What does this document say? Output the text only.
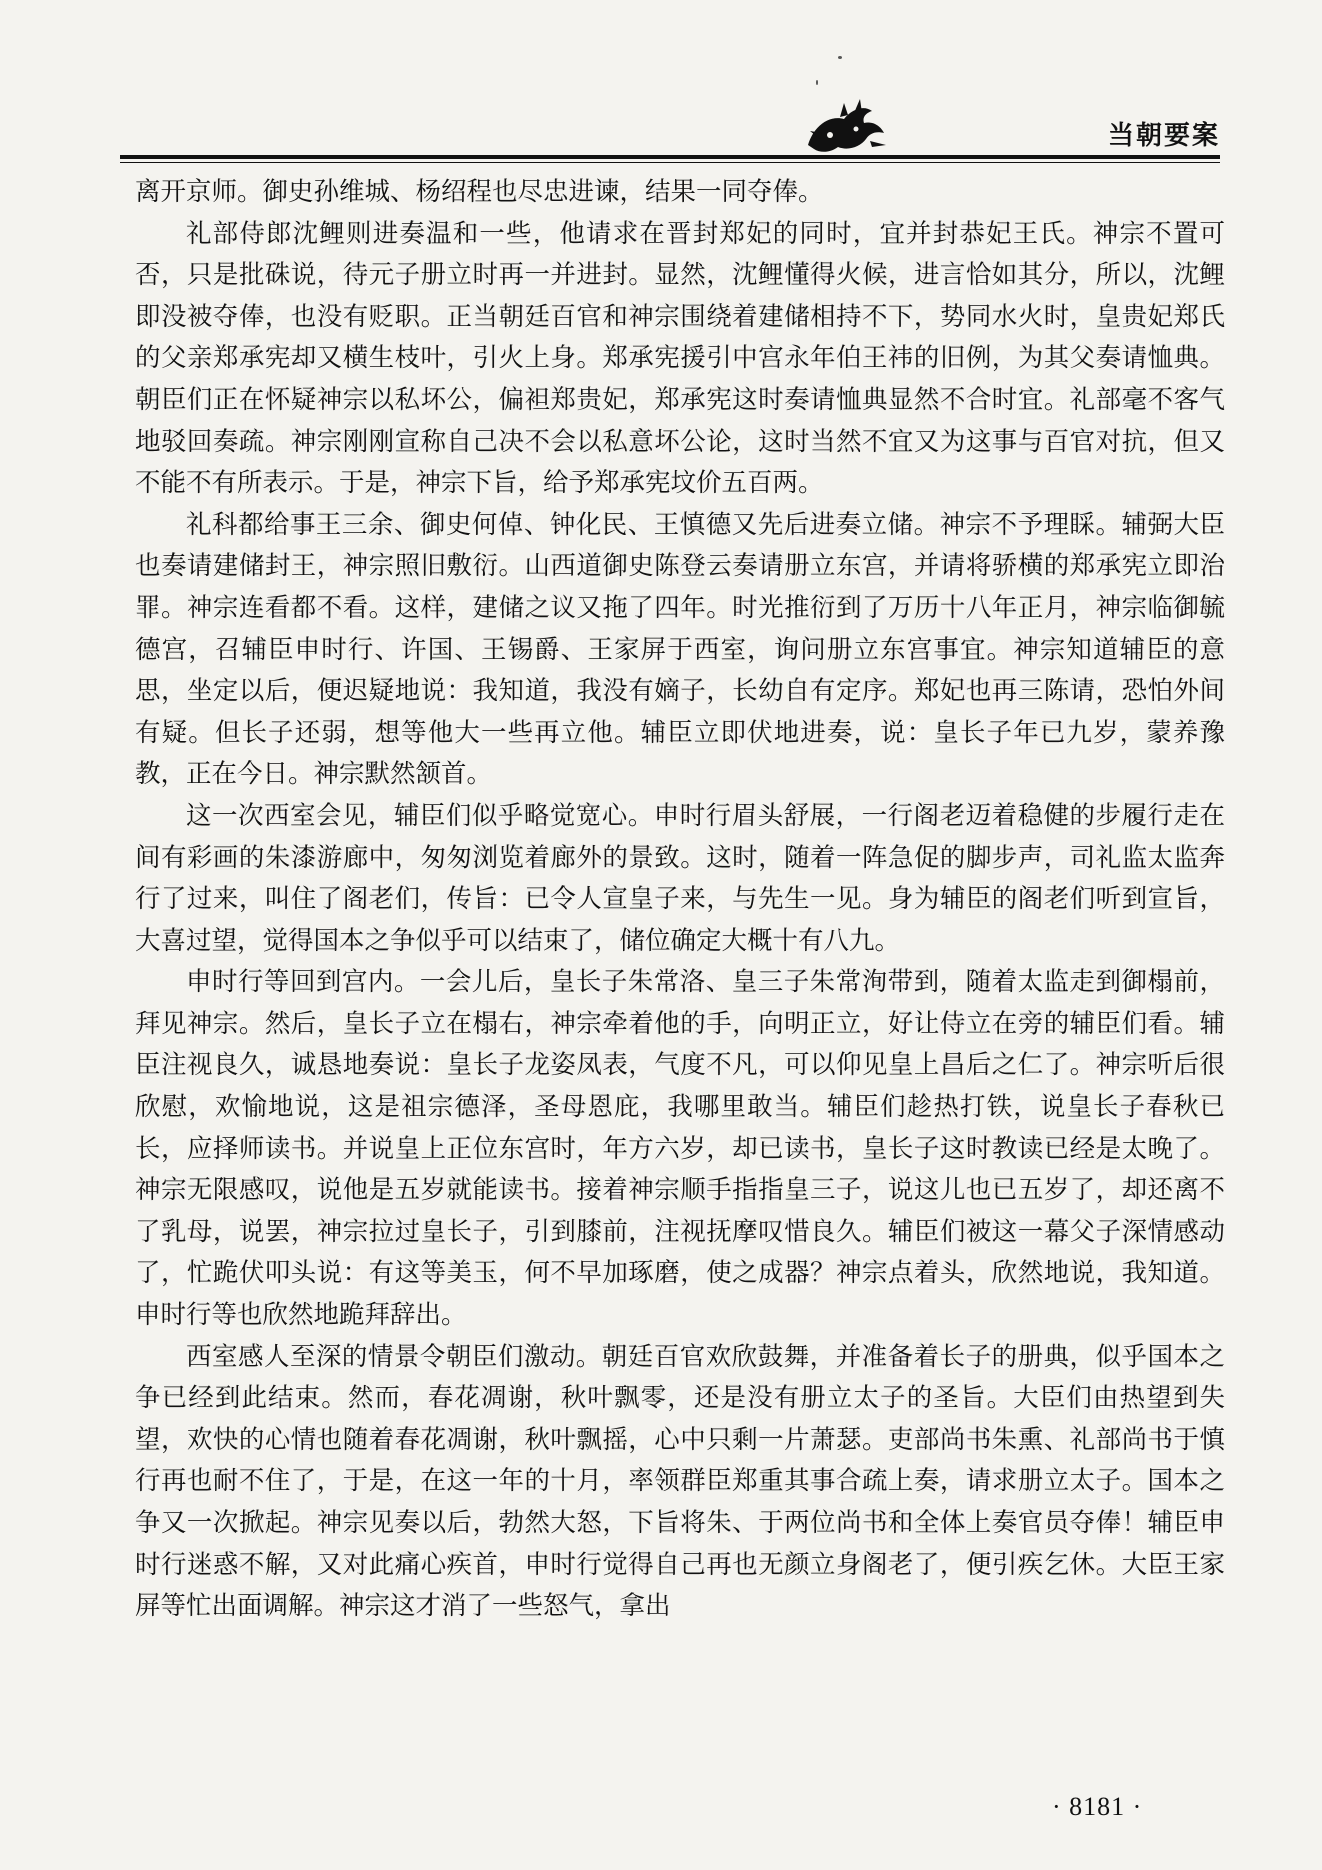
当朝要案

离开京师。御史孙维城、杨绍程也尽忠进谏，结果一同夺俸。

礼部侍郎沈鲤则进奏温和一些，他请求在晋封郑妃的同时，宜并封恭妃王氏。神宗不置可否，只是批硃说，待元子册立时再一并进封。显然，沈鲤懂得火候，进言恰如其分，所以，沈鲤即没被夺俸，也没有贬职。正当朝廷百官和神宗围绕着建储相持不下，势同水火时，皇贵妃郑氏的父亲郑承宪却又横生枝叶，引火上身。郑承宪援引中宫永年伯王祎的旧例，为其父奏请恤典。朝臣们正在怀疑神宗以私坏公，偏袒郑贵妃，郑承宪这时奏请恤典显然不合时宜。礼部毫不客气地驳回奏疏。神宗刚刚宣称自己决不会以私意坏公论，这时当然不宜又为这事与百官对抗，但又不能不有所表示。于是，神宗下旨，给予郑承宪坟价五百两。

礼科都给事王三余、御史何倬、钟化民、王慎德又先后进奏立储。神宗不予理睬。辅弼大臣也奏请建储封王，神宗照旧敷衍。山西道御史陈登云奏请册立东宫，并请将骄横的郑承宪立即治罪。神宗连看都不看。这样，建储之议又拖了四年。时光推衍到了万历十八年正月，神宗临御毓德宫，召辅臣申时行、许国、王锡爵、王家屏于西室，询问册立东宫事宜。神宗知道辅臣的意思，坐定以后，便迟疑地说：我知道，我没有嫡子，长幼自有定序。郑妃也再三陈请，恐怕外间有疑。但长子还弱，想等他大一些再立他。辅臣立即伏地进奏，说：皇长子年已九岁，蒙养豫教，正在今日。神宗默然颔首。

这一次西室会见，辅臣们似乎略觉宽心。申时行眉头舒展，一行阁老迈着稳健的步履行走在间有彩画的朱漆游廊中，匆匆浏览着廊外的景致。这时，随着一阵急促的脚步声，司礼监太监奔行了过来，叫住了阁老们，传旨：已令人宣皇子来，与先生一见。身为辅臣的阁老们听到宣旨，大喜过望，觉得国本之争似乎可以结束了，储位确定大概十有八九。

申时行等回到宫内。一会儿后，皇长子朱常洛、皇三子朱常洵带到，随着太监走到御榻前，拜见神宗。然后，皇长子立在榻右，神宗牵着他的手，向明正立，好让侍立在旁的辅臣们看。辅臣注视良久，诚恳地奏说：皇长子龙姿凤表，气度不凡，可以仰见皇上昌后之仁了。神宗听后很欣慰，欢愉地说，这是祖宗德泽，圣母恩庇，我哪里敢当。辅臣们趁热打铁，说皇长子春秋已长，应择师读书。并说皇上正位东宫时，年方六岁，却已读书，皇长子这时教读已经是太晚了。神宗无限感叹，说他是五岁就能读书。接着神宗顺手指指皇三子，说这儿也已五岁了，却还离不了乳母，说罢，神宗拉过皇长子，引到膝前，注视抚摩叹惜良久。辅臣们被这一幕父子深情感动了，忙跪伏叩头说：有这等美玉，何不早加琢磨，使之成器？神宗点着头，欣然地说，我知道。申时行等也欣然地跪拜辞出。

西室感人至深的情景令朝臣们激动。朝廷百官欢欣鼓舞，并准备着长子的册典，似乎国本之争已经到此结束。然而，春花凋谢，秋叶飘零，还是没有册立太子的圣旨。大臣们由热望到失望，欢快的心情也随着春花凋谢，秋叶飘摇，心中只剩一片萧瑟。吏部尚书朱熏、礼部尚书于慎行再也耐不住了，于是，在这一年的十月，率领群臣郑重其事合疏上奏，请求册立太子。国本之争又一次掀起。神宗见奏以后，勃然大怒，下旨将朱、于两位尚书和全体上奏官员夺俸！辅臣申时行迷惑不解，又对此痛心疾首，申时行觉得自己再也无颜立身阁老了，便引疾乞休。大臣王家屏等忙出面调解。神宗这才消了一些怒气，拿出

· 8181 ·
